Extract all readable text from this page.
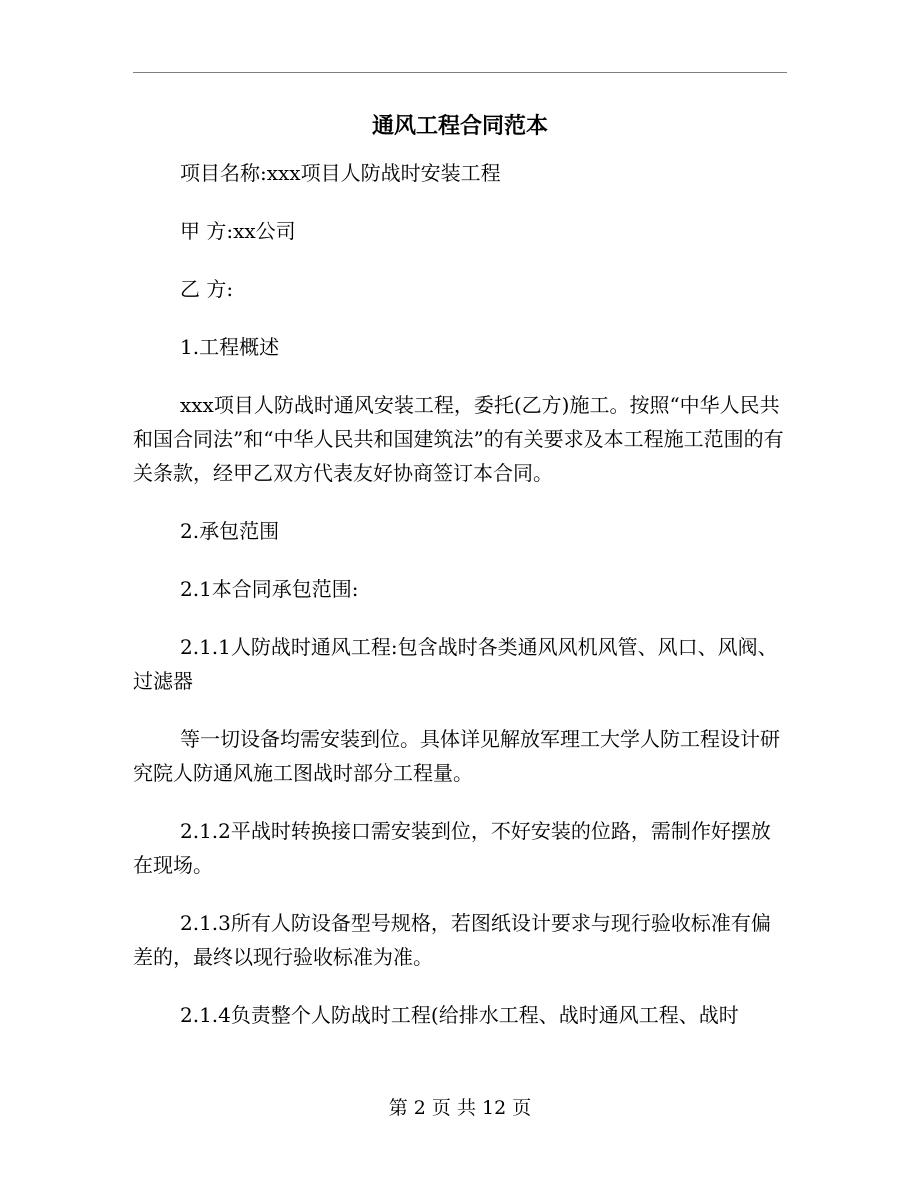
通风工程合同范本

项目名称:xxx项目人防战时安装工程

甲 方:xx公司

乙 方:

1.工程概述

xxx项目人防战时通风安装工程，委托(乙方)施工。按照“中华人民共和国合同法”和“中华人民共和国建筑法”的有关要求及本工程施工范围的有关条款，经甲乙双方代表友好协商签订本合同。

2.承包范围

2.1本合同承包范围:

2.1.1人防战时通风工程:包含战时各类通风风机风管、风口、风阀、过滤器

等一切设备均需安装到位。具体详见解放军理工大学人防工程设计研究院人防通风施工图战时部分工程量。

2.1.2平战时转换接口需安装到位，不好安装的位路，需制作好摆放在现场。

2.1.3所有人防设备型号规格，若图纸设计要求与现行验收标准有偏差的，最终以现行验收标准为准。

2.1.4负责整个人防战时工程(给排水工程、战时通风工程、战时

第 2 页 共 12 页
